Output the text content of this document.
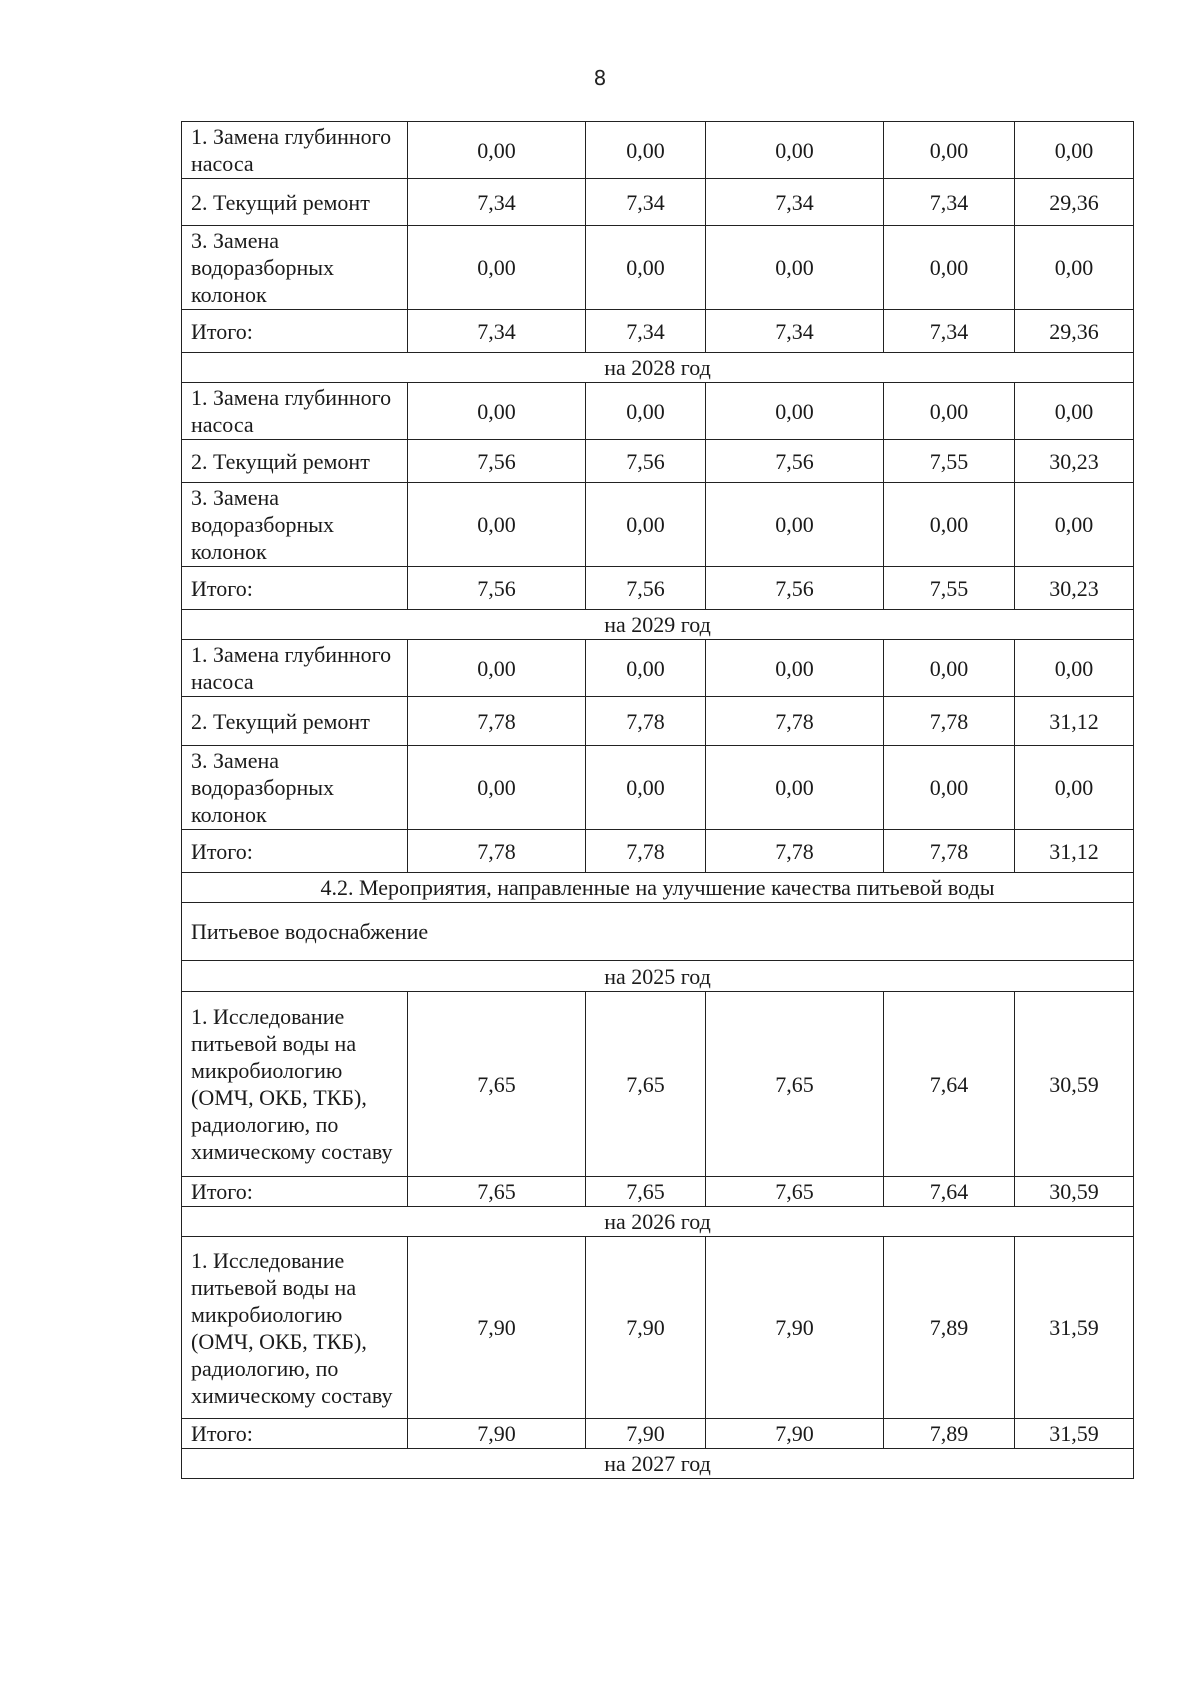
8
1. Замена глубинного насоса	0,00	0,00	0,00	0,00	0,00
2. Текущий ремонт	7,34	7,34	7,34	7,34	29,36
3. Замена водоразборных колонок	0,00	0,00	0,00	0,00	0,00
Итого:	7,34	7,34	7,34	7,34	29,36
на 2028 год					
1. Замена глубинного насоса	0,00	0,00	0,00	0,00	0,00
2. Текущий ремонт	7,56	7,56	7,56	7,55	30,23
3. Замена водоразборных колонок	0,00	0,00	0,00	0,00	0,00
Итого:	7,56	7,56	7,56	7,55	30,23
на 2029 год					
1. Замена глубинного насоса	0,00	0,00	0,00	0,00	0,00
2. Текущий ремонт	7,78	7,78	7,78	7,78	31,12
3. Замена водоразборных колонок	0,00	0,00	0,00	0,00	0,00
Итого:	7,78	7,78	7,78	7,78	31,12
4.2. Мероприятия, направленные на улучшение качества питьевой воды					
Питьевое водоснабжение					
на 2025 год					
1. Исследование питьевой воды на микробиологию (ОМЧ, ОКБ, ТКБ), радиологию, по химическому составу	7,65	7,65	7,65	7,64	30,59
Итого:	7,65	7,65	7,65	7,64	30,59
на 2026 год					
1. Исследование питьевой воды на микробиологию (ОМЧ, ОКБ, ТКБ), радиологию, по химическому составу	7,90	7,90	7,90	7,89	31,59
Итого:	7,90	7,90	7,90	7,89	31,59
на 2027 год					
